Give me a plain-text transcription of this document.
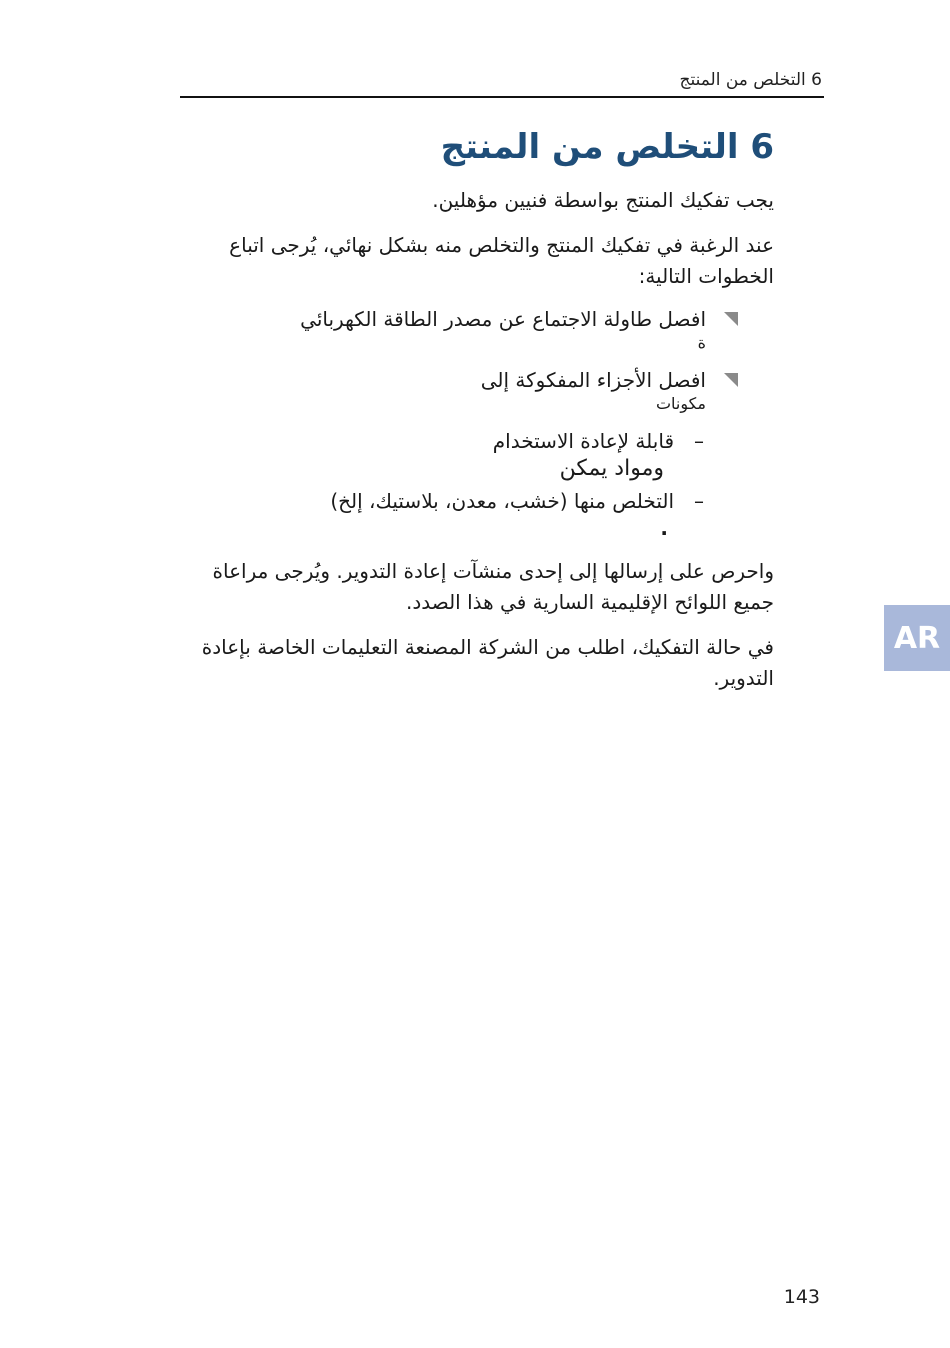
6 التخلص من المنتج
6 التخلص من المنتج

يجب تفكيك المنتج بواسطة فنيين مؤهلين.

عند الرغبة في تفكيك المنتج والتخلص منه بشكل نهائي، يُرجى اتباع الخطوات التالية:

افصل طاولة الاجتماع عن مصدر الطاقة الكهربائي
ة
افصل الأجزاء المفكوكة إلى
مكونات
–
قابلة لإعادة الاستخدام
ومواد يمكن
–
التخلص منها (خشب، معدن، بلاستيك، إلخ)
.

واحرص على إرسالها إلى إحدى منشآت إعادة التدوير. ويُرجى مراعاة جميع اللوائح الإقليمية السارية في هذا الصدد.

في حالة التفكيك، اطلب من الشركة المصنعة التعليمات الخاصة بإعادة التدوير.

AR
143
